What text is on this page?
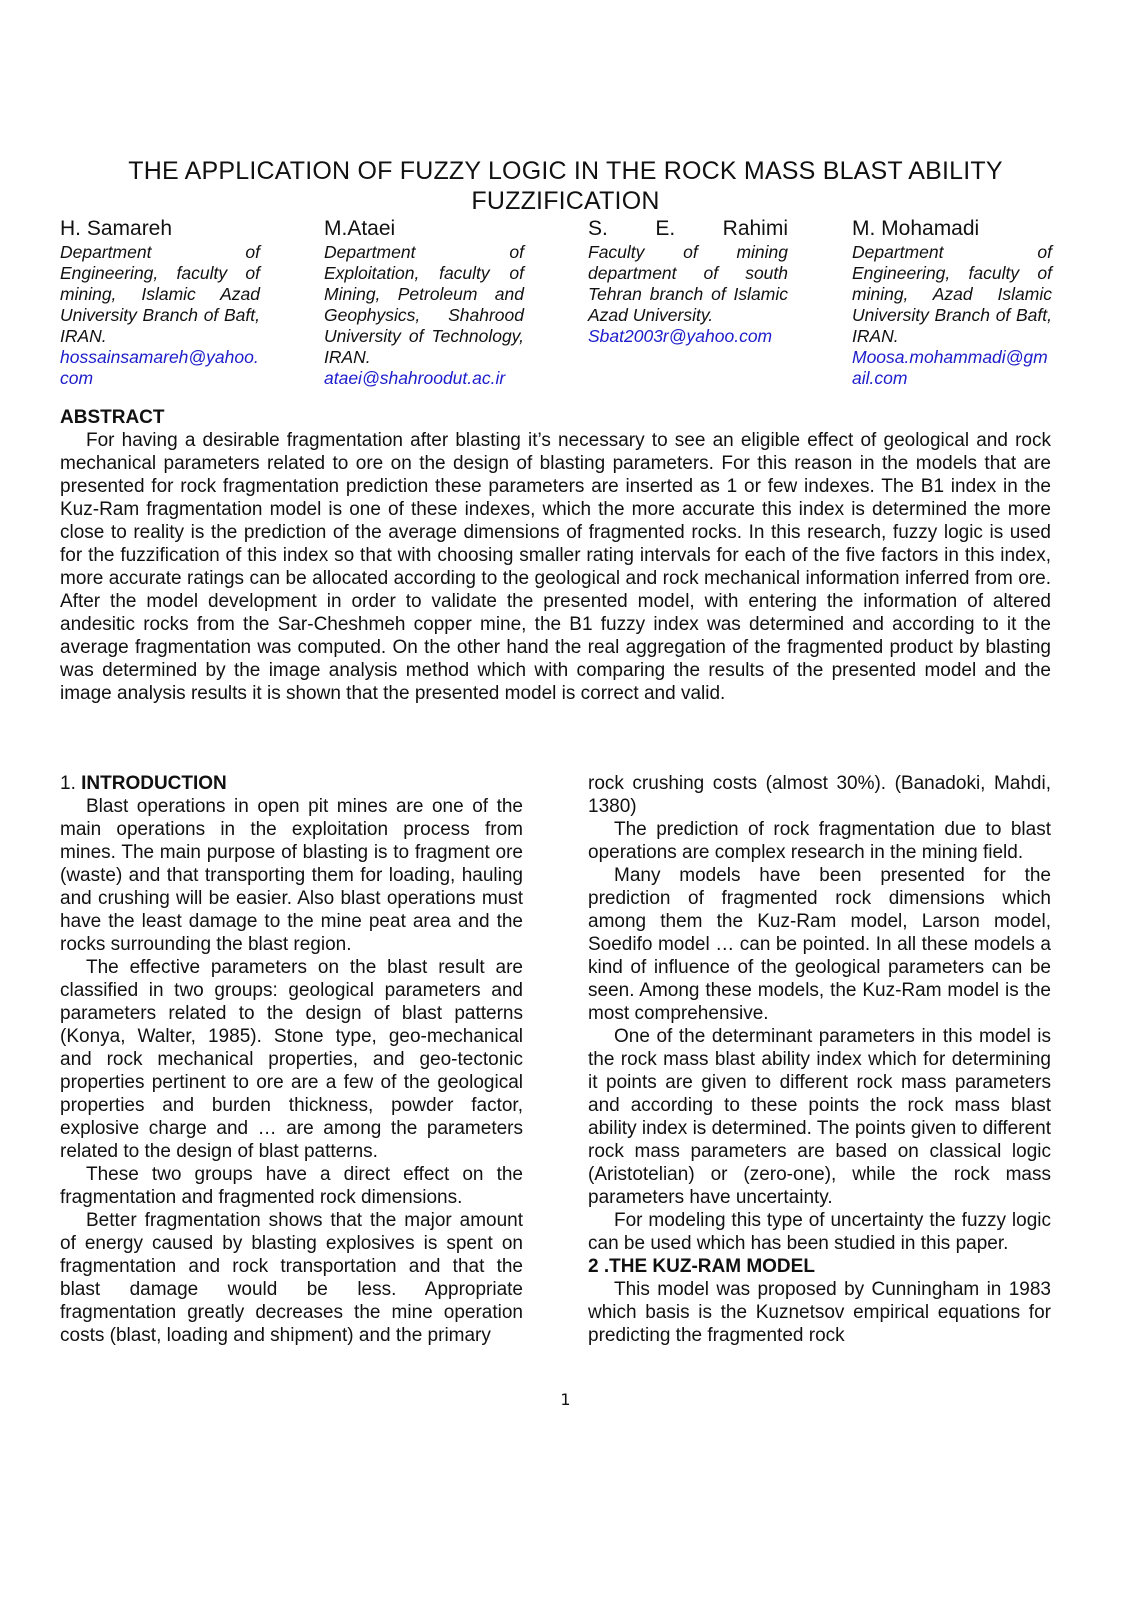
THE APPLICATION OF FUZZY LOGIC IN THE ROCK MASS BLAST ABILITY
FUZZIFICATION
H. Samareh
Department of Engineering, faculty of mining, Islamic Azad University Branch of Baft, IRAN.
hossainsamareh@yahoo.com
M.Ataei
Department of Exploitation, faculty of Mining, Petroleum and Geophysics, Shahrood University of Technology, IRAN.
ataei@shahroodut.ac.ir
S. E. Rahimi
Faculty of mining department of south Tehran branch of Islamic Azad University.
Sbat2003r@yahoo.com
M. Mohamadi
Department of Engineering, faculty of mining, Azad Islamic University Branch of Baft, IRAN.
Moosa.mohammadi@gmail.com
ABSTRACT
For having a desirable fragmentation after blasting it’s necessary to see an eligible effect of geological and rock mechanical parameters related to ore on the design of blasting parameters. For this reason in the models that are presented for rock fragmentation prediction these parameters are inserted as 1 or few indexes. The B1 index in the Kuz-Ram fragmentation model is one of these indexes, which the more accurate this index is determined the more close to reality is the prediction of the average dimensions of fragmented rocks. In this research, fuzzy logic is used for the fuzzification of this index so that with choosing smaller rating intervals for each of the five factors in this index, more accurate ratings can be allocated according to the geological and rock mechanical information inferred from ore. After the model development in order to validate the presented model, with entering the information of altered andesitic rocks from the Sar-Cheshmeh copper mine, the B1 fuzzy index was determined and according to it the average fragmentation was computed. On the other hand the real aggregation of the fragmented product by blasting was determined by the image analysis method which with comparing the results of the presented model and the image analysis results it is shown that the presented model is correct and valid.
1. INTRODUCTION

Blast operations in open pit mines are one of the main operations in the exploitation process from mines. The main purpose of blasting is to fragment ore (waste) and that transporting them for loading, hauling and crushing will be easier. Also blast operations must have the least damage to the mine peat area and the rocks surrounding the blast region.

The effective parameters on the blast result are classified in two groups: geological parameters and parameters related to the design of blast patterns (Konya, Walter, 1985). Stone type, geo-mechanical and rock mechanical properties, and geo-tectonic properties pertinent to ore are a few of the geological properties and burden thickness, powder factor, explosive charge and … are among the parameters related to the design of blast patterns.

These two groups have a direct effect on the fragmentation and fragmented rock dimensions.

Better fragmentation shows that the major amount of energy caused by blasting explosives is spent on fragmentation and rock transportation and that the blast damage would be less. Appropriate fragmentation greatly decreases the mine operation costs (blast, loading and shipment) and the primary

rock crushing costs (almost 30%). (Banadoki, Mahdi, 1380)

The prediction of rock fragmentation due to blast operations are complex research in the mining field.

Many models have been presented for the prediction of fragmented rock dimensions which among them the Kuz-Ram model, Larson model, Soedifo model … can be pointed. In all these models a kind of influence of the geological parameters can be seen. Among these models, the Kuz-Ram model is the most comprehensive.

One of the determinant parameters in this model is the rock mass blast ability index which for determining it points are given to different rock mass parameters and according to these points the rock mass blast ability index is determined. The points given to different rock mass parameters are based on classical logic (Aristotelian) or (zero-one), while the rock mass parameters have uncertainty.

For modeling this type of uncertainty the fuzzy logic can be used which has been studied in this paper.

2 .THE KUZ-RAM MODEL

This model was proposed by Cunningham in 1983 which basis is the Kuznetsov empirical equations for predicting the fragmented rock

1
